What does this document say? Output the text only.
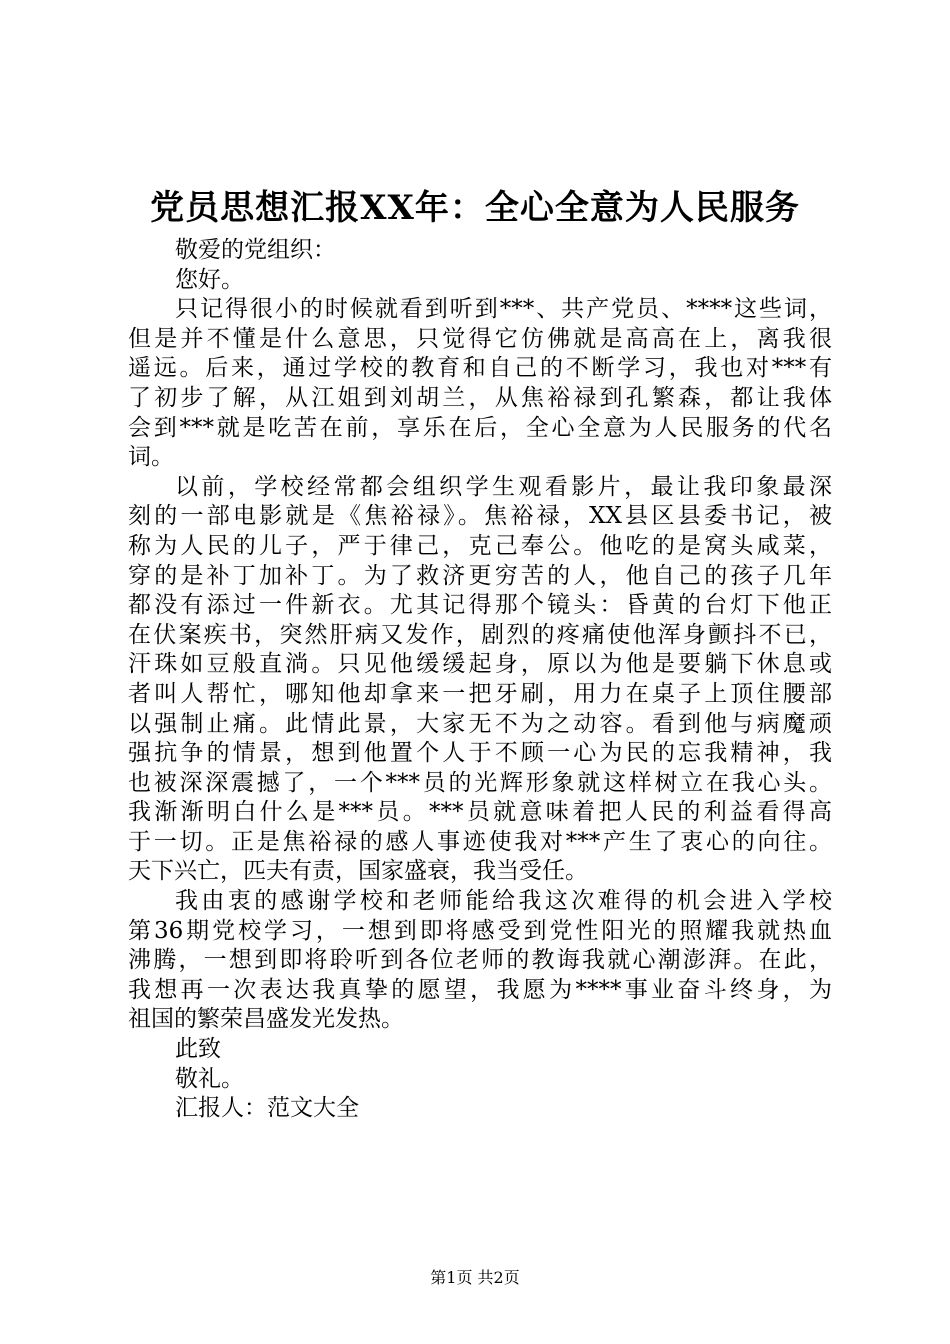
党员思想汇报XX年：全心全意为人民服务
敬爱的党组织：
您好。
只记得很小的时候就看到听到***、共产党员、****这些词，
但是并不懂是什么意思，只觉得它仿佛就是高高在上，离我很
遥远。后来，通过学校的教育和自己的不断学习，我也对***有
了初步了解，从江姐到刘胡兰，从焦裕禄到孔繁森，都让我体
会到***就是吃苦在前，享乐在后，全心全意为人民服务的代名
词。
以前，学校经常都会组织学生观看影片，最让我印象最深
刻的一部电影就是《焦裕禄》。焦裕禄，XX县区县委书记，被
称为人民的儿子，严于律己，克己奉公。他吃的是窝头咸菜，
穿的是补丁加补丁。为了救济更穷苦的人，他自己的孩子几年
都没有添过一件新衣。尤其记得那个镜头：昏黄的台灯下他正
在伏案疾书，突然肝病又发作，剧烈的疼痛使他浑身颤抖不已，
汗珠如豆般直淌。只见他缓缓起身，原以为他是要躺下休息或
者叫人帮忙，哪知他却拿来一把牙刷，用力在桌子上顶住腰部
以强制止痛。此情此景，大家无不为之动容。看到他与病魔顽
强抗争的情景，想到他置个人于不顾一心为民的忘我精神，我
也被深深震撼了，一个***员的光辉形象就这样树立在我心头。
我渐渐明白什么是***员。***员就意味着把人民的利益看得高
于一切。正是焦裕禄的感人事迹使我对***产生了衷心的向往。
天下兴亡，匹夫有责，国家盛衰，我当受任。
我由衷的感谢学校和老师能给我这次难得的机会进入学校
第36期党校学习，一想到即将感受到党性阳光的照耀我就热血
沸腾，一想到即将聆听到各位老师的教诲我就心潮澎湃。在此，
我想再一次表达我真挚的愿望，我愿为****事业奋斗终身，为
祖国的繁荣昌盛发光发热。
此致
敬礼。
汇报人：范文大全
第1页 共2页
